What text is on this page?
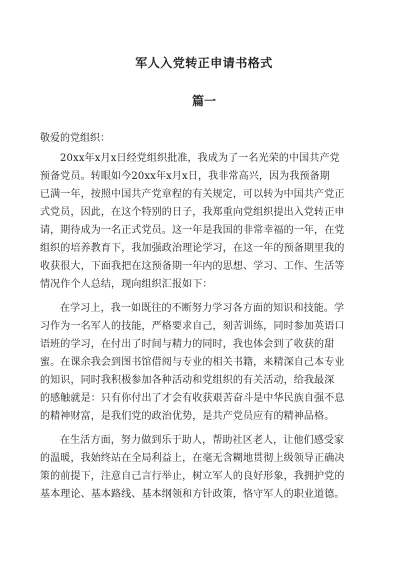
军人入党转正申请书格式
篇一
敬爱的党组织：
20xx年x月x日经党组织批准，我成为了一名光荣的中国共产党
预备党员。转眼如今20xx年x月x日，我非常高兴，因为我预备期
已满一年，按照中国共产党章程的有关规定，可以转为中国共产党正
式党员，因此，在这个特别的日子，我郑重向党组织提出入党转正申
请，期待成为一名正式党员。这一年是我国的非常幸福的一年，在党
组织的培养教育下，我加强政治理论学习，在这一年的预备期里我的
收获很大，下面我把在这预备期一年内的思想、学习、工作、生活等
情况作个人总结，现向组织汇报如下：
在学习上，我一如既往的不断努力学习各方面的知识和技能。学
习作为一名军人的技能，严格要求自己，刻苦训练，同时参加英语口
语班的学习，在付出了时间与精力的同时，我也体会到了收获的甜
蜜。在课余我会到图书馆借阅与专业的相关书籍，来精深自己本专业
的知识，同时我积极参加各种活动和党组织的有关活动，给我最深
的感触就是：只有你付出了才会有收获艰苦奋斗是中华民族自强不息
的精神财富，是我们党的政治优势，是共产党员应有的精神品格。
在生活方面，努力做到乐于助人，帮助社区老人，让他们感受家
的温暖，我始终站在全局利益上，在毫无含糊地贯彻上级领导正确决
策的前提下，注意自己言行举止，树立军人的良好形象，我拥护党的
基本理论、基本路线、基本纲领和方针政策，恪守军人的职业道德。
